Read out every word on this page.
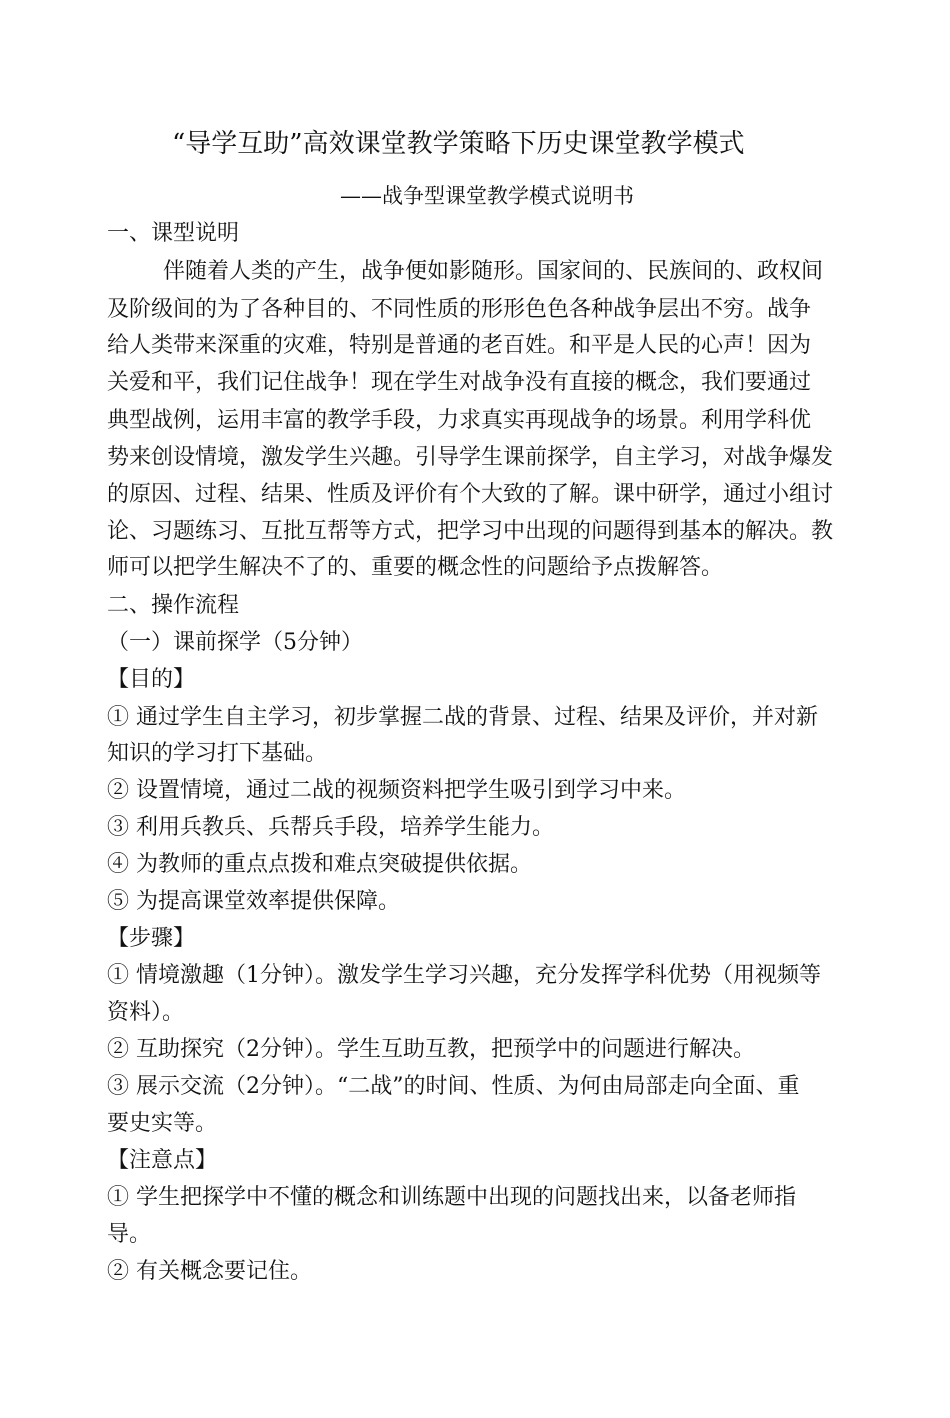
“导学互助”高效课堂教学策略下历史课堂教学模式
——战争型课堂教学模式说明书
一、课型说明
伴随着人类的产生，战争便如影随形。国家间的、民族间的、政权间
及阶级间的为了各种目的、不同性质的形形色色各种战争层出不穷。战争
给人类带来深重的灾难，特别是普通的老百姓。和平是人民的心声！因为
关爱和平，我们记住战争！现在学生对战争没有直接的概念，我们要通过
典型战例，运用丰富的教学手段，力求真实再现战争的场景。利用学科优
势来创设情境，激发学生兴趣。引导学生课前探学，自主学习，对战争爆发
的原因、过程、结果、性质及评价有个大致的了解。课中研学，通过小组讨
论、习题练习、互批互帮等方式，把学习中出现的问题得到基本的解决。教
师可以把学生解决不了的、重要的概念性的问题给予点拨解答。
二、操作流程
（一）课前探学（5分钟）
【目的】
① 通过学生自主学习，初步掌握二战的背景、过程、结果及评价，并对新
知识的学习打下基础。
② 设置情境，通过二战的视频资料把学生吸引到学习中来。
③ 利用兵教兵、兵帮兵手段，培养学生能力。
④ 为教师的重点点拨和难点突破提供依据。
⑤ 为提高课堂效率提供保障。
【步骤】
① 情境激趣（1分钟）。激发学生学习兴趣，充分发挥学科优势（用视频等
资料）。
② 互助探究（2分钟）。学生互助互教，把预学中的问题进行解决。
③ 展示交流（2分钟）。“二战”的时间、性质、为何由局部走向全面、重
要史实等。
【注意点】
① 学生把探学中不懂的概念和训练题中出现的问题找出来，以备老师指
导。
② 有关概念要记住。
